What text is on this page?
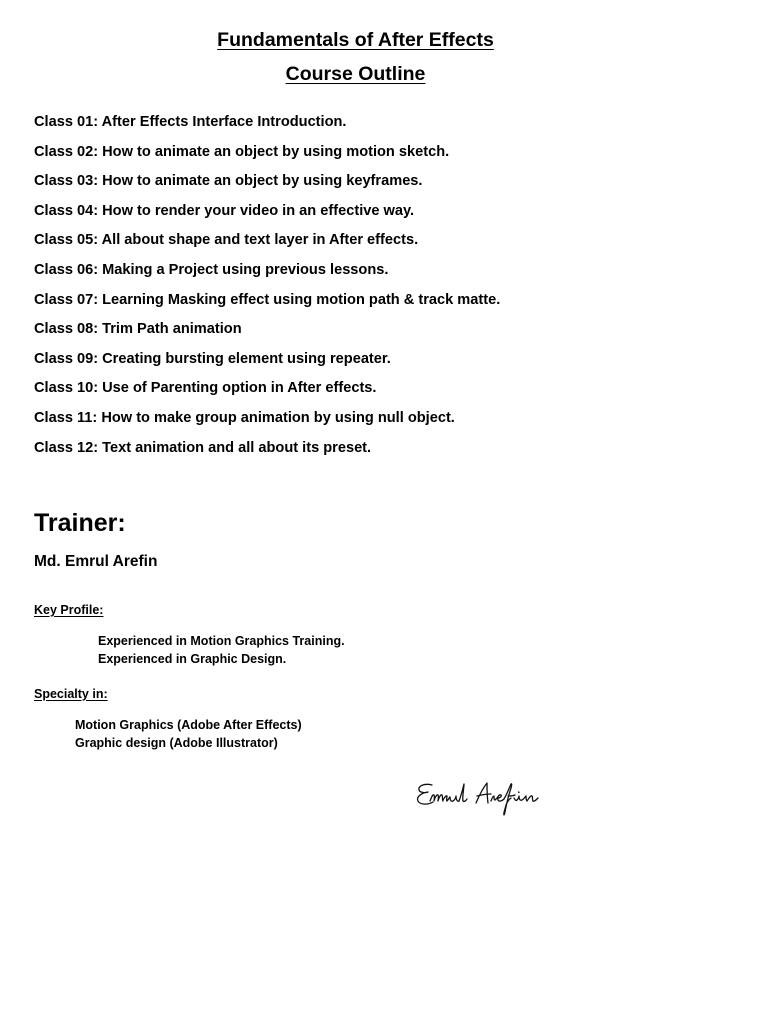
Fundamentals of After Effects
Course Outline
Class 01: After Effects Interface Introduction.
Class 02: How to animate an object by using motion sketch.
Class 03: How to animate an object by using keyframes.
Class 04: How to render your video in an effective way.
Class 05: All about shape and text layer in After effects.
Class 06: Making a Project using previous lessons.
Class 07: Learning Masking effect using motion path & track matte.
Class 08: Trim Path animation
Class 09: Creating bursting element using repeater.
Class 10: Use of Parenting option in After effects.
Class 11: How to make group animation by using null object.
Class 12: Text animation and all about its preset.
Trainer:
Md. Emrul Arefin
Key Profile:
Experienced in Motion Graphics Training.
Experienced in Graphic Design.
Specialty in:
Motion Graphics (Adobe After Effects)
Graphic design (Adobe Illustrator)
